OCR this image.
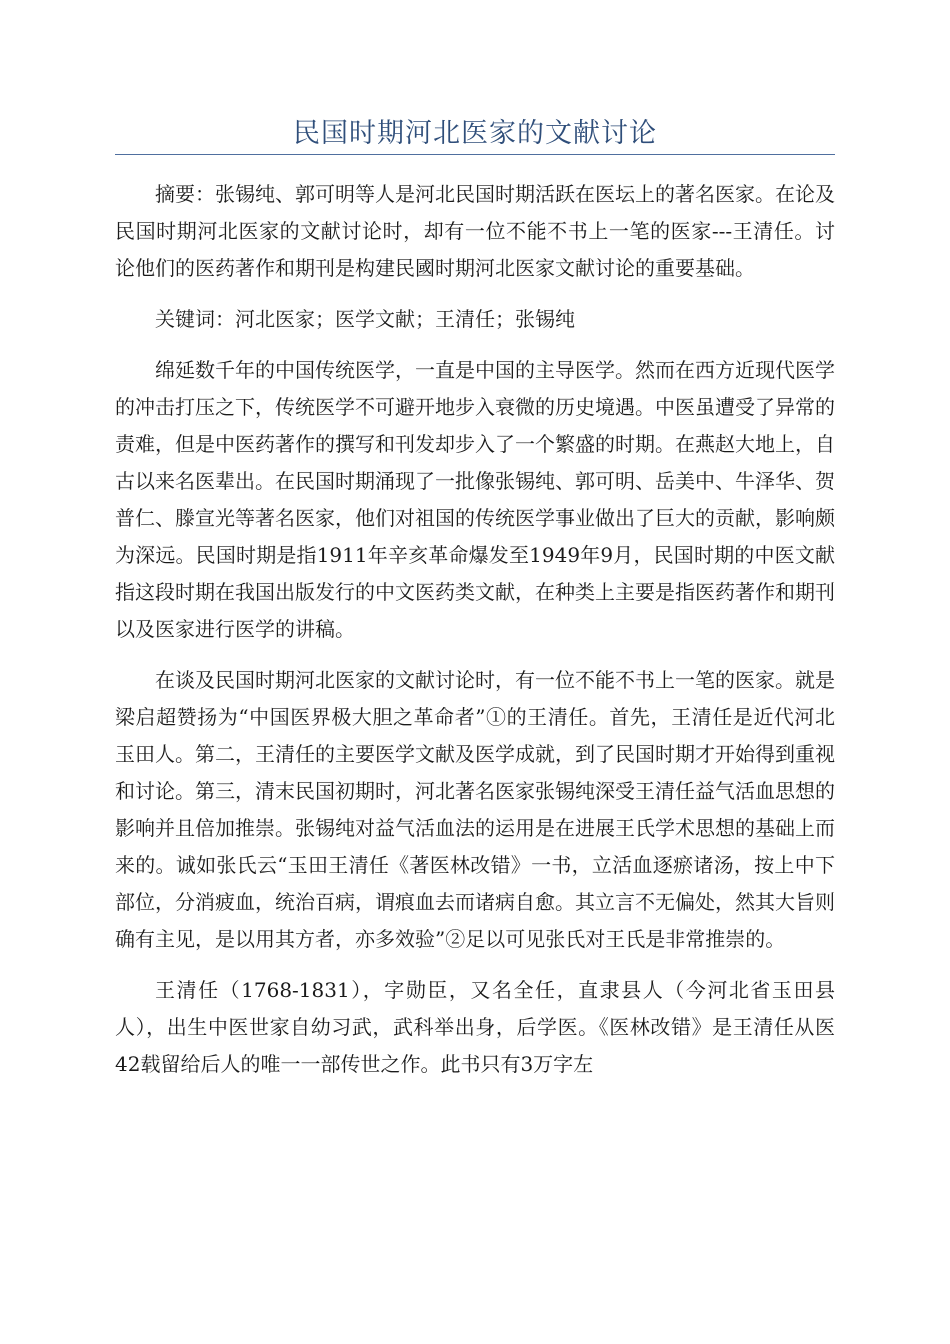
民国时期河北医家的文献讨论

摘要：张锡纯、郭可明等人是河北民国时期活跃在医坛上的著名医家。在论及民国时期河北医家的文献讨论时，却有一位不能不书上一笔的医家---王清任。讨论他们的医药著作和期刊是构建民國时期河北医家文献讨论的重要基础。

关键词：河北医家；医学文献；王清任；张锡纯

绵延数千年的中国传统医学，一直是中国的主导医学。然而在西方近现代医学的冲击打压之下，传统医学不可避开地步入衰微的历史境遇。中医虽遭受了异常的责难，但是中医药著作的撰写和刊发却步入了一个繁盛的时期。在燕赵大地上，自古以来名医辈出。在民国时期涌现了一批像张锡纯、郭可明、岳美中、牛泽华、贺普仁、滕宣光等著名医家，他们对祖国的传统医学事业做出了巨大的贡献，影响颇为深远。民国时期是指1911年辛亥革命爆发至1949年9月，民国时期的中医文献指这段时期在我国出版发行的中文医药类文献，在种类上主要是指医药著作和期刊以及医家进行医学的讲稿。

在谈及民国时期河北医家的文献讨论时，有一位不能不书上一笔的医家。就是梁启超赞扬为“中国医界极大胆之革命者”①的王清任。首先，王清任是近代河北玉田人。第二，王清任的主要医学文献及医学成就，到了民国时期才开始得到重视和讨论。第三，清末民国初期时，河北著名医家张锡纯深受王清任益气活血思想的影响并且倍加推崇。张锡纯对益气活血法的运用是在进展王氏学术思想的基础上而来的。诚如张氏云“玉田王清任《著医林改错》一书，立活血逐瘀诸汤，按上中下部位，分消疲血，统治百病，谓痕血去而诸病自愈。其立言不无偏处，然其大旨则确有主见，是以用其方者，亦多效验”②足以可见张氏对王氏是非常推崇的。

王清任（1768-1831），字勋臣，又名全任，直隶县人（今河北省玉田县人），出生中医世家自幼习武，武科举出身，后学医。《医林改错》是王清任从医42载留给后人的唯一一部传世之作。此书只有3万字左
